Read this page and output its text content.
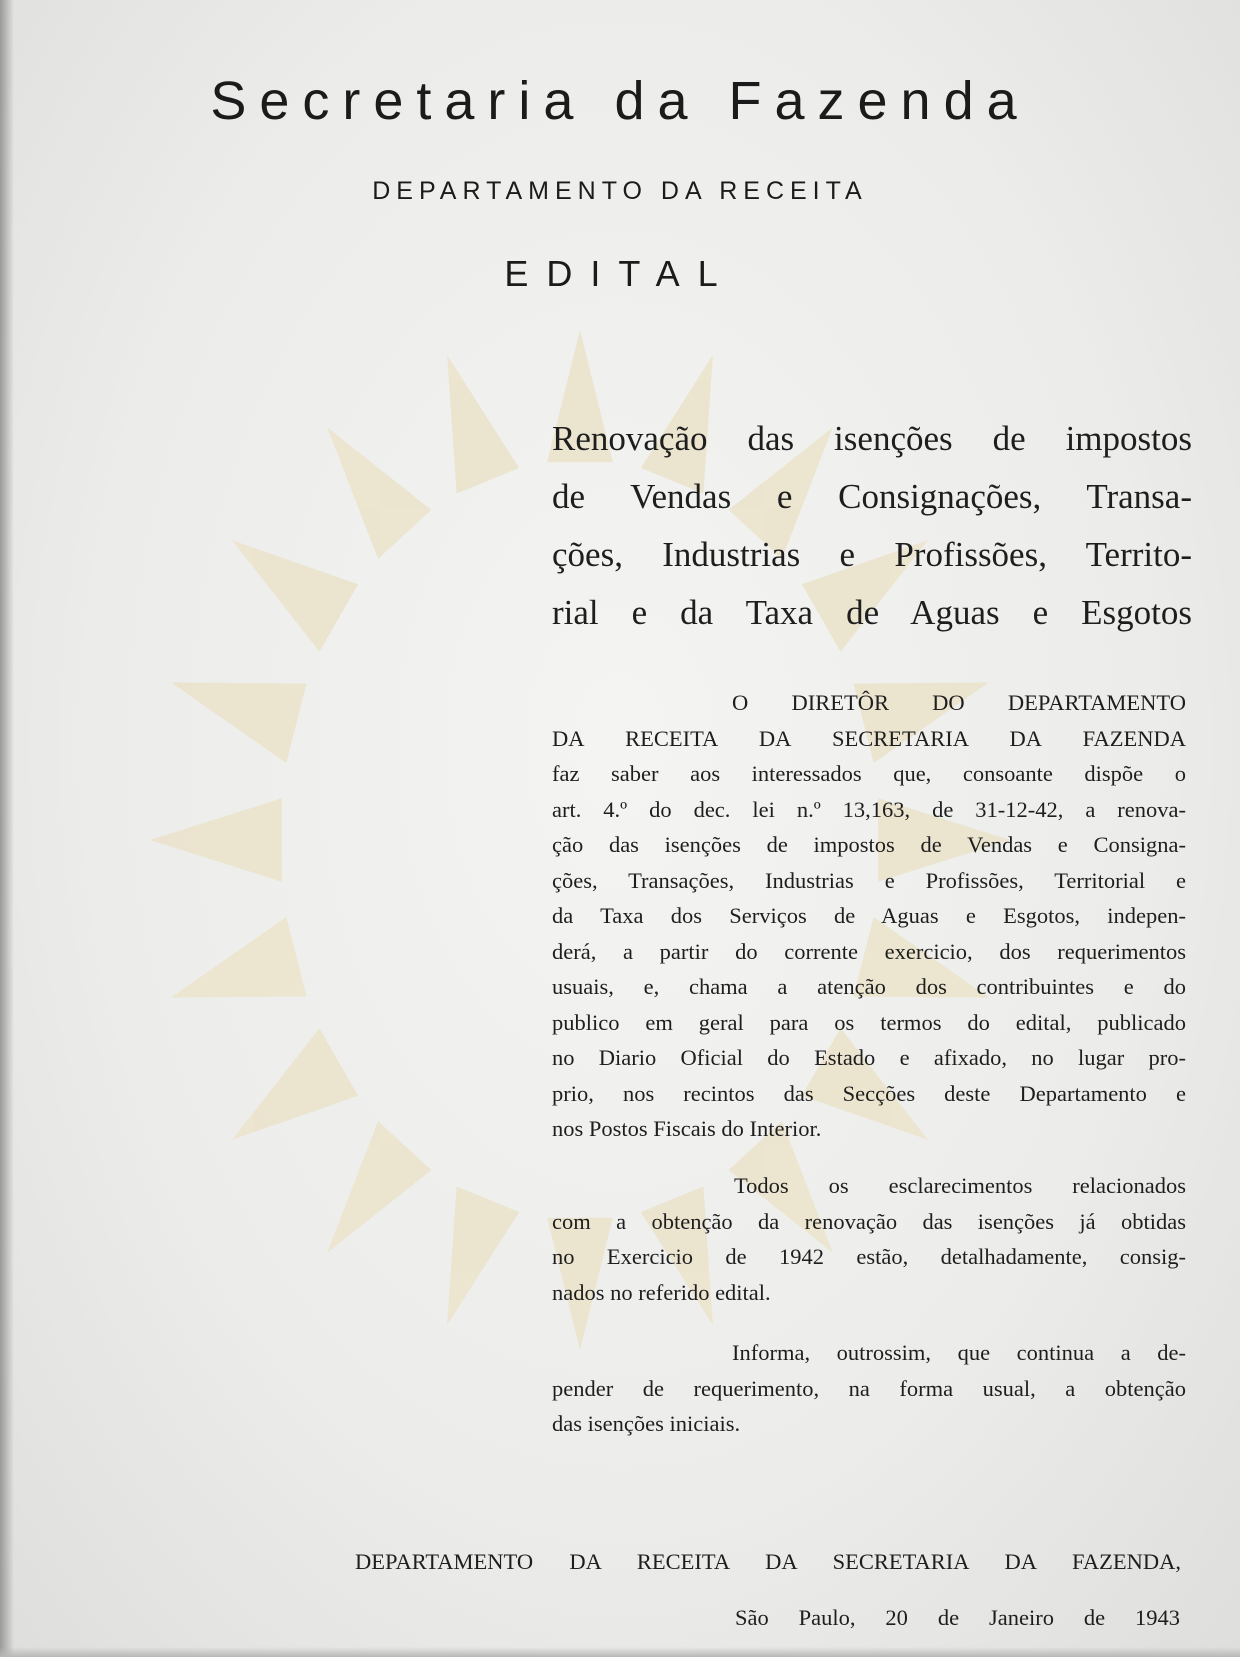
Secretaria da Fazenda
DEPARTAMENTO DA RECEITA
EDITAL
Renovação das isenções de impostos
de Vendas e Consignações, Transa-
ções, Industrias e Profissões, Territo-
rial e da Taxa de Aguas e Esgotos
O DIRETÔR DO DEPARTAMENTO
DA RECEITA DA SECRETARIA DA FAZENDA
faz saber aos interessados que, consoante dispõe o
art. 4.º do dec. lei n.º 13,163, de 31-12-42, a renova-
ção das isenções de impostos de Vendas e Consigna-
ções, Transações, Industrias e Profissões, Territorial e
da Taxa dos Serviços de Aguas e Esgotos, indepen-
derá, a partir do corrente exercicio, dos requerimentos
usuais, e, chama a atenção dos contribuintes e do
publico em geral para os termos do edital, publicado
no Diario Oficial do Estado e afixado, no lugar pro-
prio, nos recintos das Secções deste Departamento e
nos Postos Fiscais do Interior.
Todos os esclarecimentos relacionados
com a obtenção da renovação das isenções já obtidas
no Exercicio de 1942 estão, detalhadamente, consig-
nados no referido edital.
Informa, outrossim, que continua a de-
pender de requerimento, na forma usual, a obtenção
das isenções iniciais.
DEPARTAMENTO DA RECEITA DA SECRETARIA DA FAZENDA,
São Paulo, 20 de Janeiro de 1943
